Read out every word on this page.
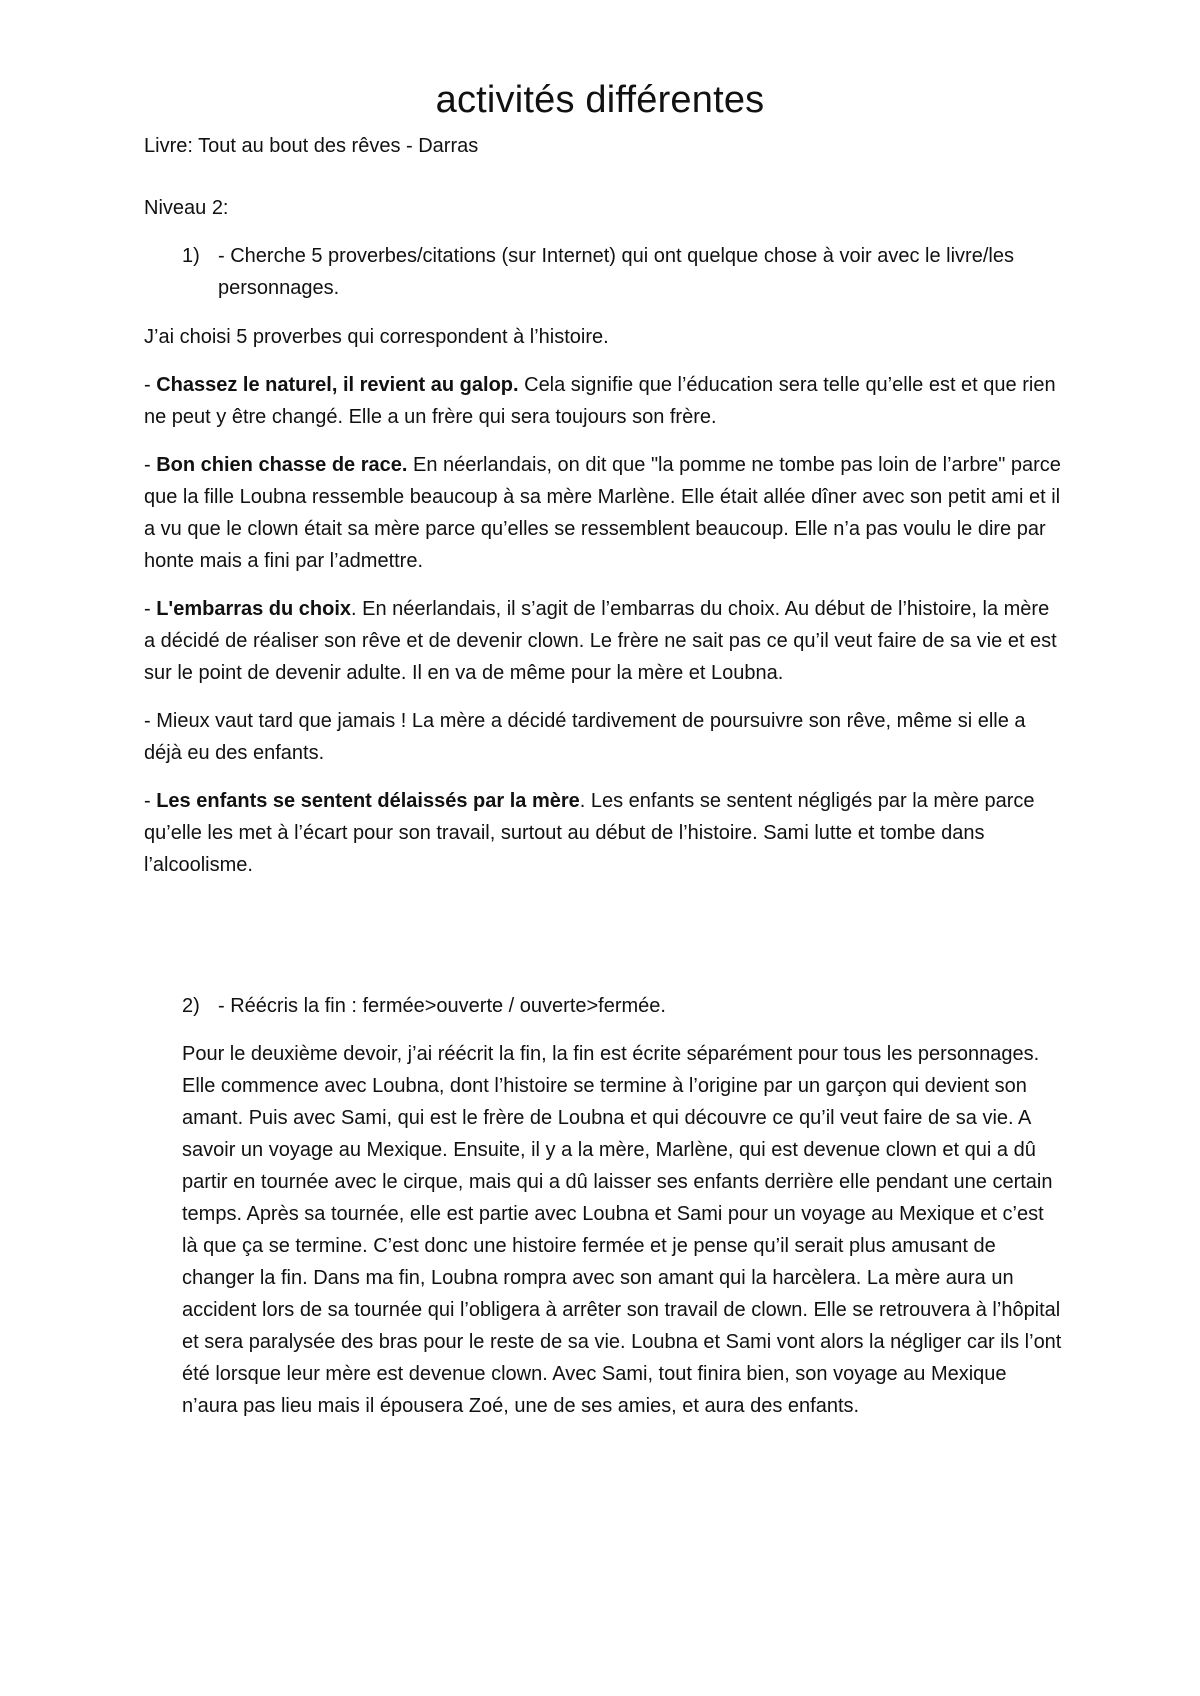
activités différentes

Livre: Tout au bout des rêves - Darras

Niveau 2:

1) - Cherche 5 proverbes/citations (sur Internet) qui ont quelque chose à voir avec le livre/les personnages.

J’ai choisi 5 proverbes qui correspondent à l’histoire.

- Chassez le naturel, il revient au galop. Cela signifie que l’éducation sera telle qu’elle est et que rien ne peut y être changé. Elle a un frère qui sera toujours son frère.

- Bon chien chasse de race. En néerlandais, on dit que "la pomme ne tombe pas loin de l’arbre" parce que la fille Loubna ressemble beaucoup à sa mère Marlène. Elle était allée dîner avec son petit ami et il a vu que le clown était sa mère parce qu’elles se ressemblent beaucoup. Elle n’a pas voulu le dire par honte mais a fini par l’admettre.

- L'embarras du choix. En néerlandais, il s’agit de l’embarras du choix. Au début de l’histoire, la mère a décidé de réaliser son rêve et de devenir clown. Le frère ne sait pas ce qu’il veut faire de sa vie et est sur le point de devenir adulte. Il en va de même pour la mère et Loubna.

- Mieux vaut tard que jamais ! La mère a décidé tardivement de poursuivre son rêve, même si elle a déjà eu des enfants.

- Les enfants se sentent délaissés par la mère. Les enfants se sentent négligés par la mère parce qu’elle les met à l’écart pour son travail, surtout au début de l’histoire. Sami lutte et tombe dans l’alcoolisme.

2) - Réécris la fin : fermée>ouverte / ouverte>fermée.

Pour le deuxième devoir, j’ai réécrit la fin, la fin est écrite séparément pour tous les personnages. Elle commence avec Loubna, dont l’histoire se termine à l’origine par un garçon qui devient son amant. Puis avec Sami, qui est le frère de Loubna et qui découvre ce qu’il veut faire de sa vie. A savoir un voyage au Mexique. Ensuite, il y a la mère, Marlène, qui est devenue clown et qui a dû partir en tournée avec le cirque, mais qui a dû laisser ses enfants derrière elle pendant une certain temps. Après sa tournée, elle est partie avec Loubna et Sami pour un voyage au Mexique et c’est là que ça se termine. C’est donc une histoire fermée et je pense qu’il serait plus amusant de changer la fin. Dans ma fin, Loubna rompra avec son amant qui la harcèlera. La mère aura un accident lors de sa tournée qui l’obligera à arrêter son travail de clown. Elle se retrouvera à l’hôpital et sera paralysée des bras pour le reste de sa vie. Loubna et Sami vont alors la négliger car ils l’ont été lorsque leur mère est devenue clown. Avec Sami, tout finira bien, son voyage au Mexique n’aura pas lieu mais il épousera Zoé, une de ses amies, et aura des enfants.
